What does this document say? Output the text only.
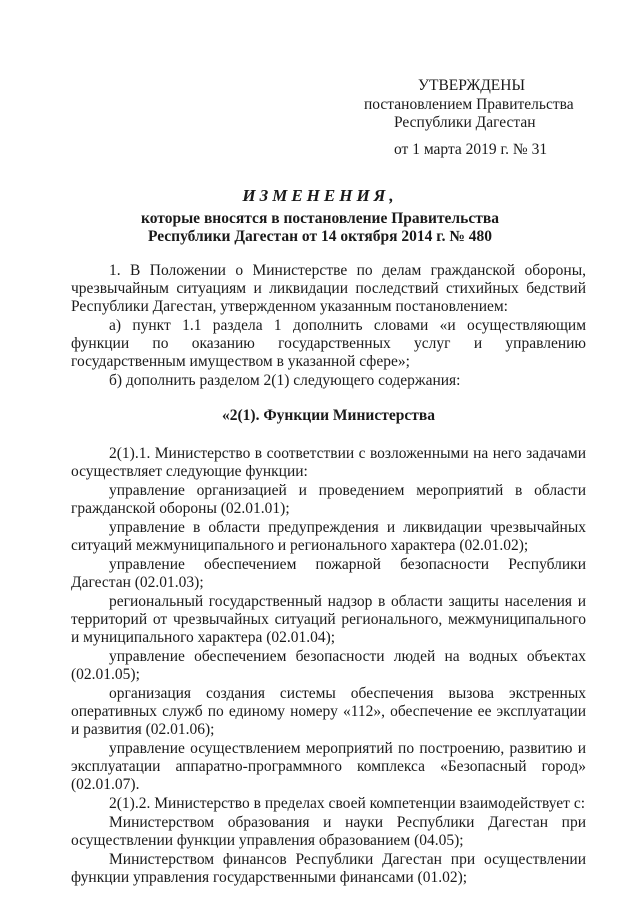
УТВЕРЖДЕНЫ
постановлением Правительства
Республики Дагестан
от 1 марта 2019 г. № 31
ИЗМЕНЕНИЯ,
которые вносятся в постановление Правительства
Республики Дагестан от 14 октября 2014 г. № 480

1. В Положении о Министерстве по делам гражданской обороны, чрезвычайным ситуациям и ликвидации последствий стихийных бедствий Республики Дагестан, утвержденном указанным постановлением:

а) пункт 1.1 раздела 1 дополнить словами «и осуществляющим функции по оказанию государственных услуг и управлению государственным имуществом в указанной сфере»;

б) дополнить разделом 2(1) следующего содержания:

«2(1). Функции Министерства

2(1).1. Министерство в соответствии с возложенными на него задачами осуществляет следующие функции:

управление организацией и проведением мероприятий в области гражданской обороны (02.01.01);

управление в области предупреждения и ликвидации чрезвычайных ситуаций межмуниципального и регионального характера (02.01.02);

управление обеспечением пожарной безопасности Республики Дагестан (02.01.03);

региональный государственный надзор в области защиты населения и территорий от чрезвычайных ситуаций регионального, межмуниципального и муниципального характера (02.01.04);

управление обеспечением безопасности людей на водных объектах (02.01.05);

организация создания системы обеспечения вызова экстренных оперативных служб по единому номеру «112», обеспечение ее эксплуатации и развития (02.01.06);

управление осуществлением мероприятий по построению, развитию и эксплуатации аппаратно-программного комплекса «Безопасный город» (02.01.07).

2(1).2. Министерство в пределах своей компетенции взаимодействует с:

Министерством образования и науки Республики Дагестан при осуществлении функции управления образованием (04.05);

Министерством финансов Республики Дагестан при осуществлении функции управления государственными финансами (01.02);
